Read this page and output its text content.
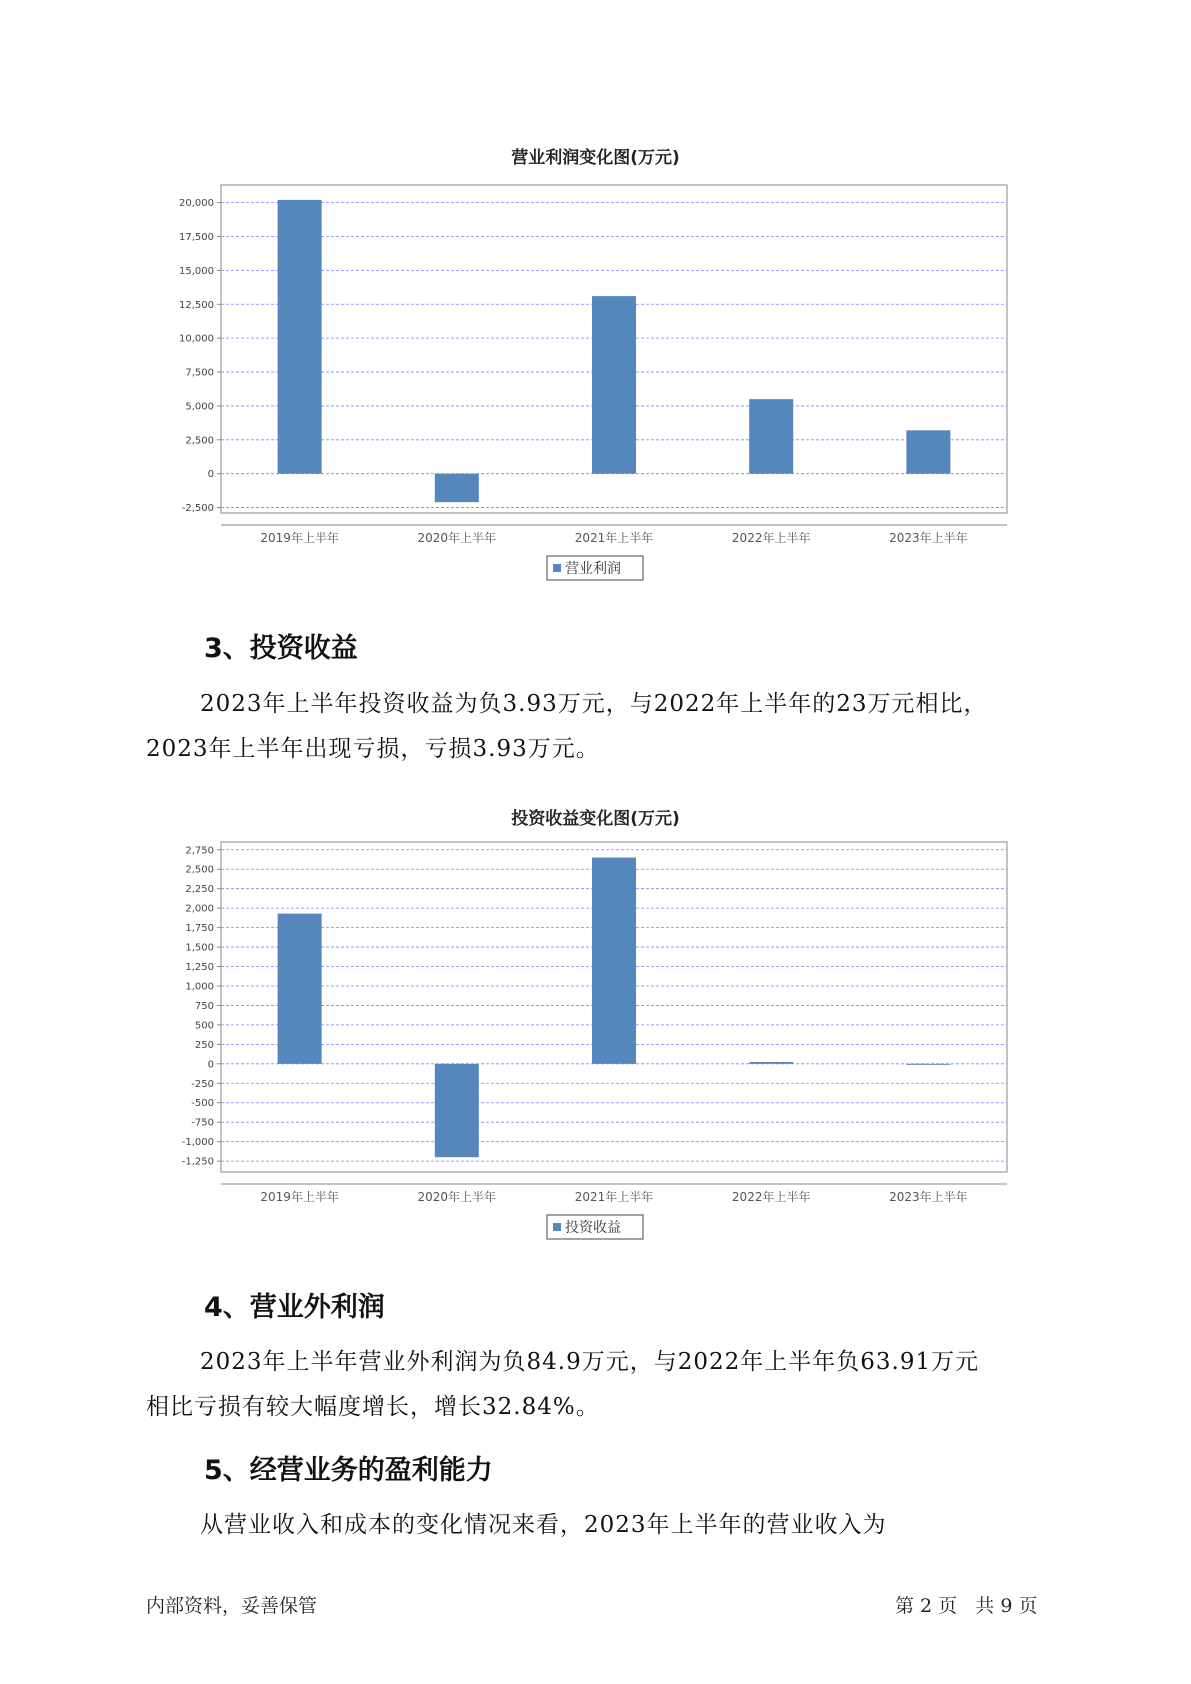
营业利润变化图(万元)
20,000
17,500
15,000
12,500
10,000
7,500
5,000
2,500
0
-2,500
2019年上半年	2020年上半年	2021年上半年	2022年上半年	2023年上半年
营业利润
3、投资收益

2023年上半年投资收益为负3.93万元，与2022年上半年的23万元相比，
2023年上半年出现亏损，亏损3.93万元。

投资收益变化图(万元)
2,750
2,500
2,250
2,000
1,750
1,500
1,250
1,000
750
500
250
0
-250
-500
-750
-1,000
-1,250
2019年上半年	2020年上半年	2021年上半年	2022年上半年	2023年上半年
投资收益
4、营业外利润

2023年上半年营业外利润为负84.9万元，与2022年上半年负63.91万元
相比亏损有较大幅度增长，增长32.84%。

5、经营业务的盈利能力

从营业收入和成本的变化情况来看，2023年上半年的营业收入为

内部资料，妥善保管	第 2 页   共 9 页
